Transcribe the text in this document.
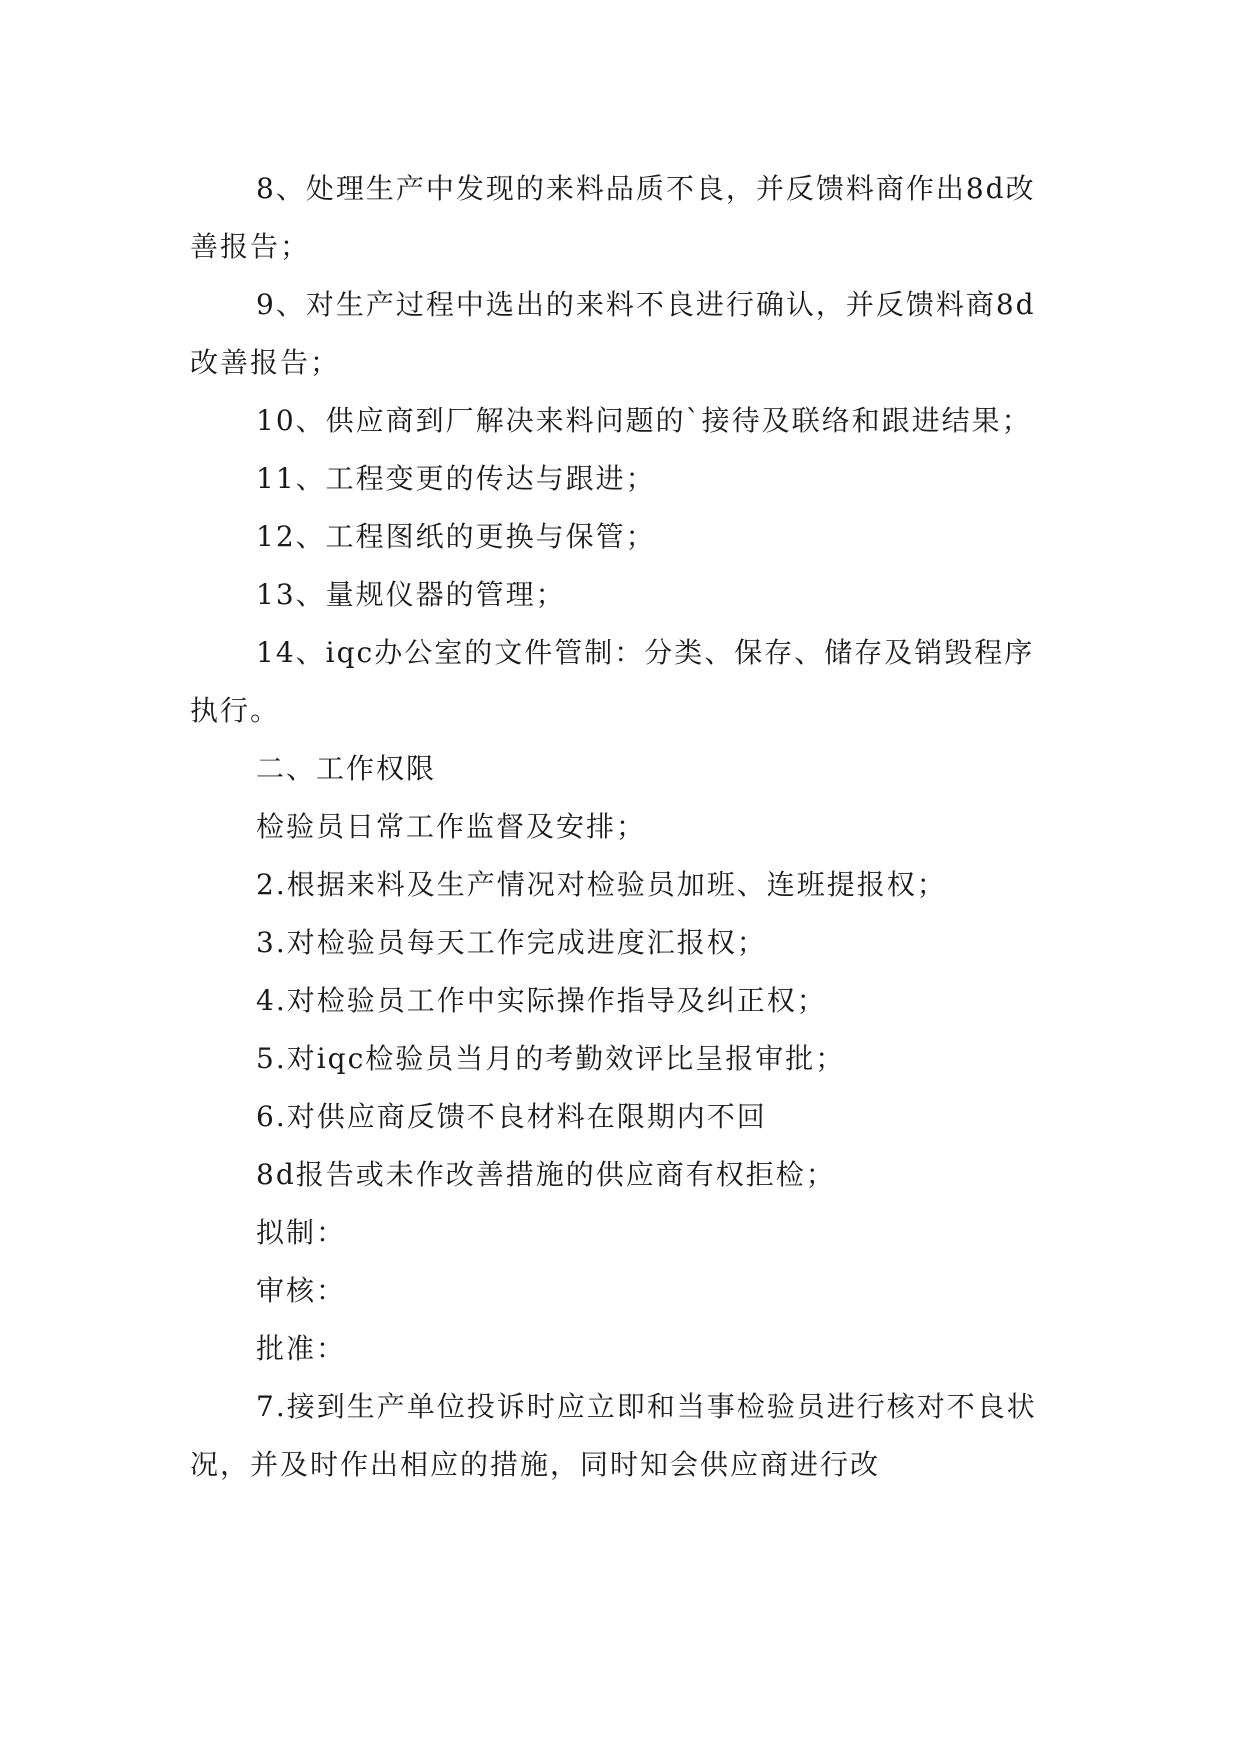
8、处理生产中发现的来料品质不良，并反馈料商作出8d改善报告；

9、对生产过程中选出的来料不良进行确认，并反馈料商8d改善报告；

10、供应商到厂解决来料问题的`接待及联络和跟进结果；

11、工程变更的传达与跟进；

12、工程图纸的更换与保管；

13、量规仪器的管理；

14、iqc办公室的文件管制：分类、保存、储存及销毁程序执行。

二、工作权限

检验员日常工作监督及安排；

2.根据来料及生产情况对检验员加班、连班提报权；

3.对检验员每天工作完成进度汇报权；

4.对检验员工作中实际操作指导及纠正权；

5.对iqc检验员当月的考勤效评比呈报审批；

6.对供应商反馈不良材料在限期内不回

8d报告或未作改善措施的供应商有权拒检；

拟制：

审核：

批准：

7.接到生产单位投诉时应立即和当事检验员进行核对不良状况，并及时作出相应的措施，同时知会供应商进行改
